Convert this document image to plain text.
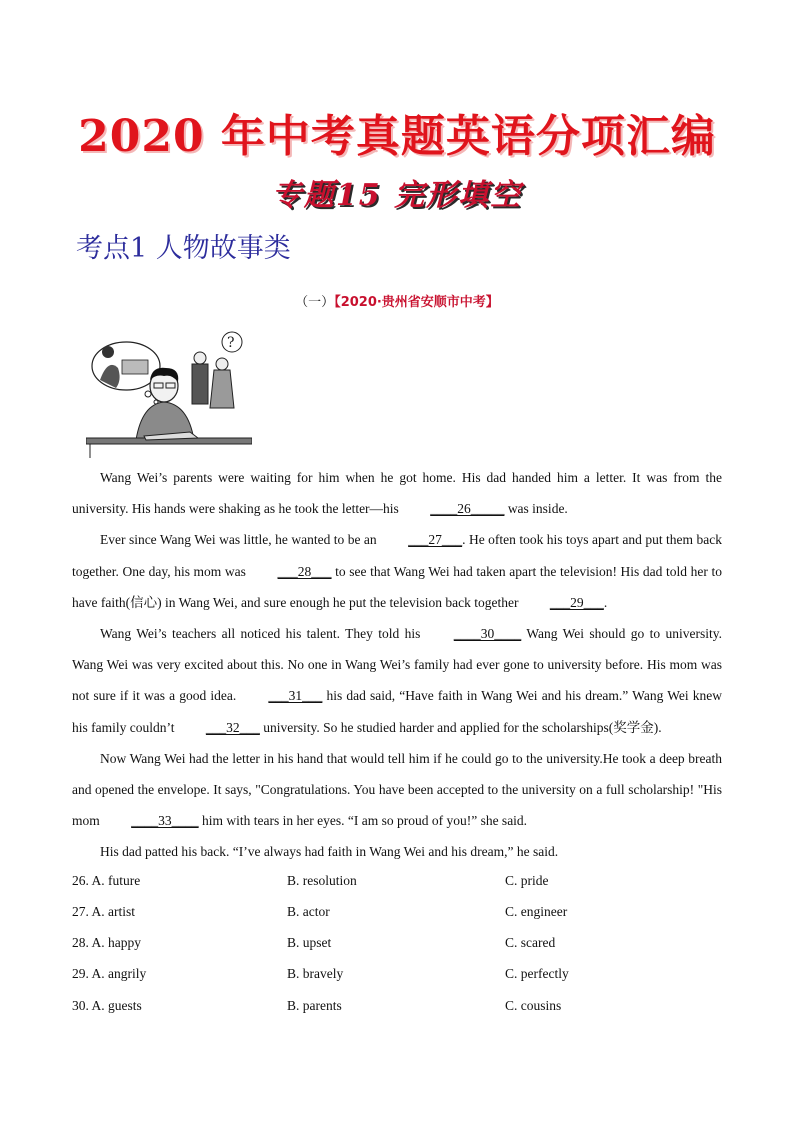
2020 年中考真题英语分项汇编
专题15 完形填空
考点1 人物故事类
（一）【2020·贵州省安顺市中考】
?

Wang Wei’s parents were waiting for him when he got home. His dad handed him a letter. It was from the university. His hands were shaking as he took the letter—his ____26_____ was inside.

Ever since Wang Wei was little, he wanted to be an ___27___. He often took his toys apart and put them back together. One day, his mom was ___28___ to see that Wang Wei had taken apart the television! His dad told her to have faith(信心) in Wang Wei, and sure enough he put the television back together ___29___.

Wang Wei’s teachers all noticed his talent. They told his ____30____ Wang Wei should go to university. Wang Wei was very excited about this. No one in Wang Wei’s family had ever gone to university before. His mom was not sure if it was a good idea. ___31___ his dad said, “Have faith in Wang Wei and his dream.” Wang Wei knew his family couldn’t ___32___ university. So he studied harder and applied for the scholarships(奖学金).

Now Wang Wei had the letter in his hand that would tell him if he could go to the university.He took a deep breath and opened the envelope. It says, "Congratulations. You have been accepted to the university on a full scholarship! "His mom ____33____ him with tears in her eyes. “I am so proud of you!” she said.

His dad patted his back. “I’ve always had faith in Wang Wei and his dream,” he said.

26. A. future	B. resolution	C. pride
27. A. artist	B. actor	C. engineer
28. A. happy	B. upset	C. scared
29. A. angrily	B. bravely	C. perfectly
30. A. guests	B. parents	C. cousins
